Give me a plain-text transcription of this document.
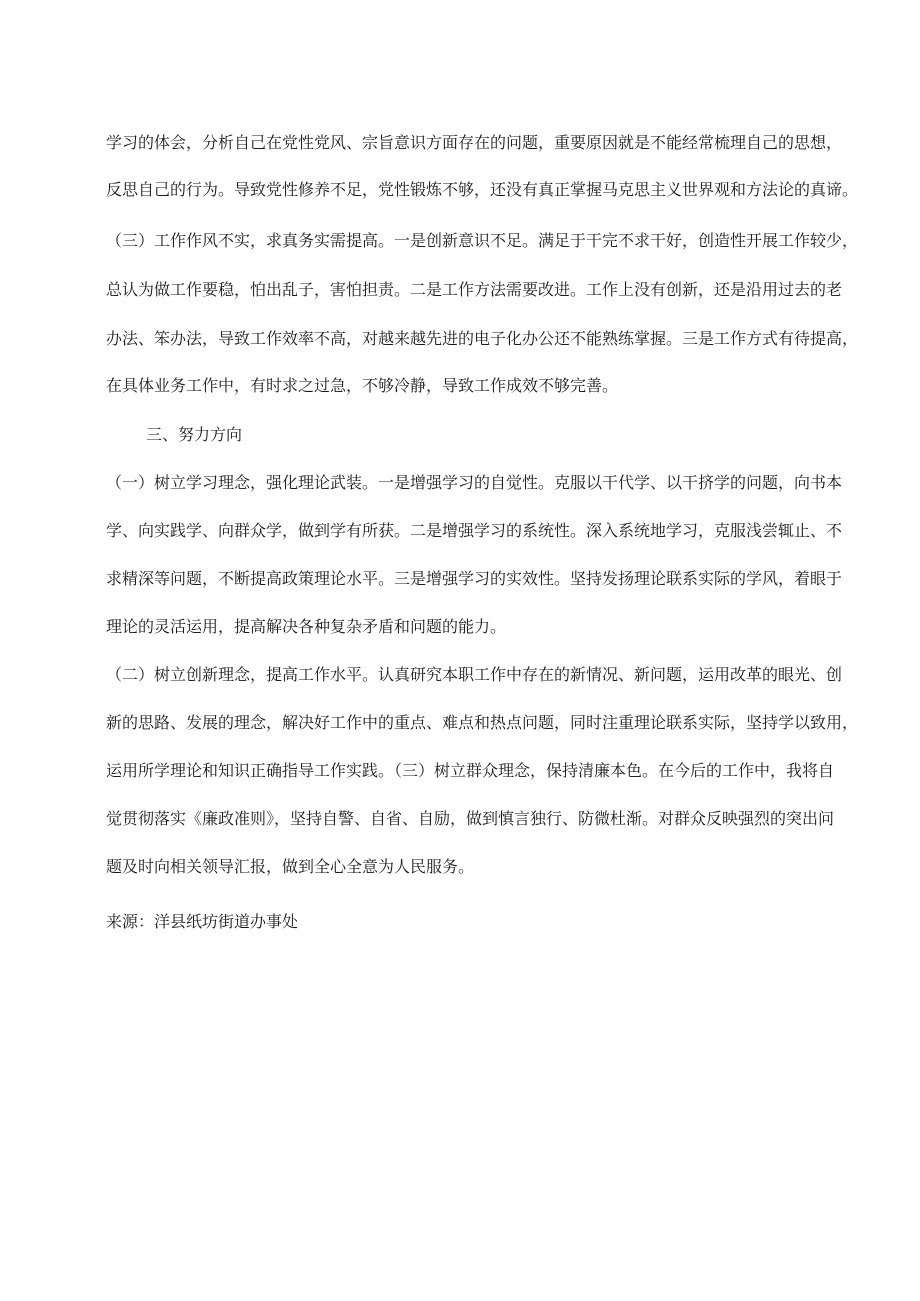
学习的体会，分析自己在党性党风、宗旨意识方面存在的问题，重要原因就是不能经常梳理自己的思想，
反思自己的行为。导致党性修养不足，党性锻炼不够，还没有真正掌握马克思主义世界观和方法论的真谛。
（三）工作作风不实，求真务实需提高。一是创新意识不足。满足于干完不求干好，创造性开展工作较少，
总认为做工作要稳，怕出乱子，害怕担责。二是工作方法需要改进。工作上没有创新，还是沿用过去的老
办法、笨办法，导致工作效率不高，对越来越先进的电子化办公还不能熟练掌握。三是工作方式有待提高，
在具体业务工作中，有时求之过急，不够冷静，导致工作成效不够完善。
三、努力方向
（一）树立学习理念，强化理论武装。一是增强学习的自觉性。克服以干代学、以干挤学的问题，向书本
学、向实践学、向群众学，做到学有所获。二是增强学习的系统性。深入系统地学习，克服浅尝辄止、不
求精深等问题，不断提高政策理论水平。三是增强学习的实效性。坚持发扬理论联系实际的学风，着眼于
理论的灵活运用，提高解决各种复杂矛盾和问题的能力。
（二）树立创新理念，提高工作水平。认真研究本职工作中存在的新情况、新问题，运用改革的眼光、创
新的思路、发展的理念，解决好工作中的重点、难点和热点问题，同时注重理论联系实际，坚持学以致用，
运用所学理论和知识正确指导工作实践。（三）树立群众理念，保持清廉本色。在今后的工作中，我将自
觉贯彻落实《廉政准则》，坚持自警、自省、自励，做到慎言独行、防微杜渐。对群众反映强烈的突出问
题及时向相关领导汇报，做到全心全意为人民服务。
来源：洋县纸坊街道办事处
